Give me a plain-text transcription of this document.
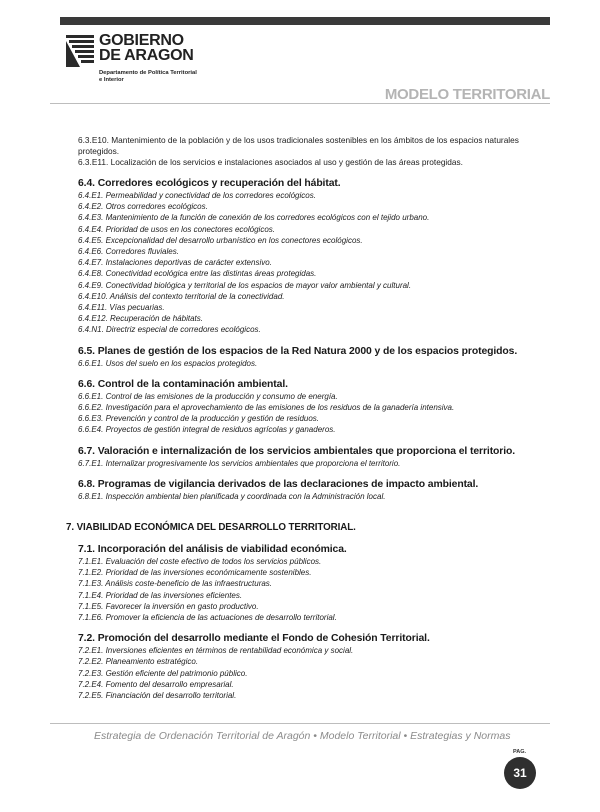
GOBIERNO
DE ARAGON
Departamento de Política Territorial
e Interior
MODELO TERRITORIAL
6.3.E10. Mantenimiento de la población y de los usos tradicionales sostenibles en los ámbitos de los espacios naturales protegidos.
6.3.E11. Localización de los servicios e instalaciones asociados al uso y gestión de las áreas protegidas.
6.4. Corredores ecológicos y recuperación del hábitat.
6.4.E1. Permeabilidad y conectividad de los corredores ecológicos.
6.4.E2. Otros corredores ecológicos.
6.4.E3. Mantenimiento de la función de conexión de los corredores ecológicos con el tejido urbano.
6.4.E4. Prioridad de usos en los conectores ecológicos.
6.4.E5. Excepcionalidad del desarrollo urbanístico en los conectores ecológicos.
6.4.E6. Corredores fluviales.
6.4.E7. Instalaciones deportivas de carácter extensivo.
6.4.E8. Conectividad ecológica entre las distintas áreas protegidas.
6.4.E9. Conectividad biológica y territorial de los espacios de mayor valor ambiental y cultural.
6.4.E10. Análisis del contexto territorial de la conectividad.
6.4.E11. Vías pecuarias.
6.4.E12. Recuperación de hábitats.
6.4.N1. Directriz especial de corredores ecológicos.
6.5. Planes de gestión de los espacios de la Red Natura 2000 y de los espacios protegidos.
6.6.E1. Usos del suelo en los espacios protegidos.
6.6. Control de la contaminación ambiental.
6.6.E1. Control de las emisiones de la producción y consumo de energía.
6.6.E2. Investigación para el aprovechamiento de las emisiones de los residuos de la ganadería intensiva.
6.6.E3. Prevención y control de la producción y gestión de residuos.
6.6.E4. Proyectos de gestión integral de residuos agrícolas y ganaderos.
6.7. Valoración e internalización de los servicios ambientales que proporciona el territorio.
6.7.E1. Internalizar progresivamente los servicios ambientales que proporciona el territorio.
6.8. Programas de vigilancia derivados de las declaraciones de impacto ambiental.
6.8.E1. Inspección ambiental bien planificada y coordinada con la Administración local.
7. VIABILIDAD ECONÓMICA DEL DESARROLLO TERRITORIAL.
7.1. Incorporación del análisis de viabilidad económica.
7.1.E1. Evaluación del coste efectivo de todos los servicios públicos.
7.1.E2. Prioridad de las inversiones económicamente sostenibles.
7.1.E3. Análisis coste-beneficio de las infraestructuras.
7.1.E4. Prioridad de las inversiones eficientes.
7.1.E5. Favorecer la inversión en gasto productivo.
7.1.E6. Promover la eficiencia de las actuaciones de desarrollo territorial.
7.2. Promoción del desarrollo mediante el Fondo de Cohesión Territorial.
7.2.E1. Inversiones eficientes en términos de rentabilidad económica y social.
7.2.E2. Planeamiento estratégico.
7.2.E3. Gestión eficiente del patrimonio público.
7.2.E4. Fomento del desarrollo empresarial.
7.2.E5. Financiación del desarrollo territorial.
Estrategia de Ordenación Territorial de Aragón • Modelo Territorial • Estrategias y Normas
PAG.
31
